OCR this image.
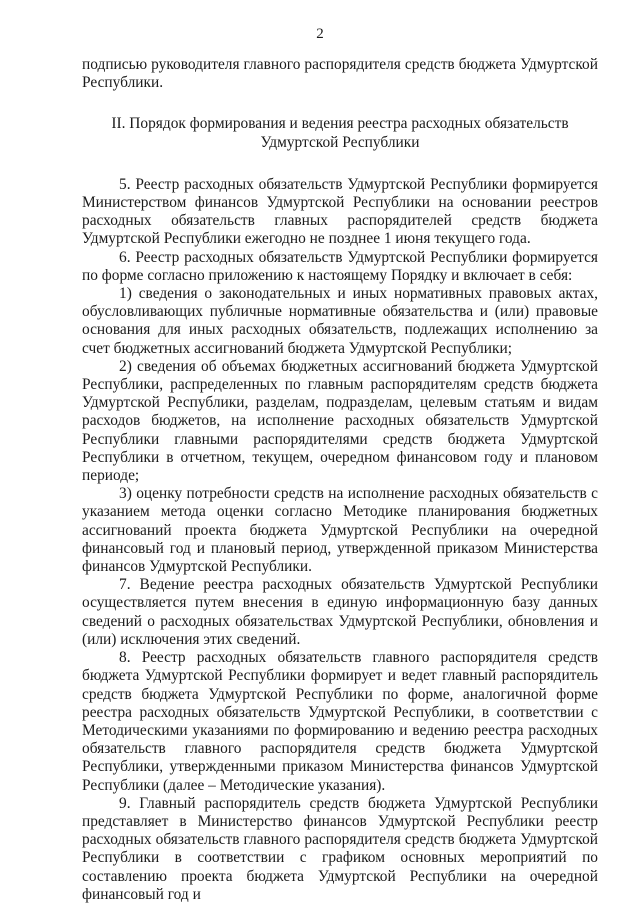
2

подписью руководителя главного распорядителя средств бюджета Удмуртской Республики.

II. Порядок формирования и ведения реестра расходных обязательств
Удмуртской Республики

5. Реестр расходных обязательств Удмуртской Республики формируется Министерством финансов Удмуртской Республики на основании реестров расходных обязательств главных распорядителей средств бюджета Удмуртской Республики ежегодно не позднее 1 июня текущего года.

6. Реестр расходных обязательств Удмуртской Республики формируется по форме согласно приложению к настоящему Порядку и включает в себя:

1) сведения о законодательных и иных нормативных правовых актах, обусловливающих публичные нормативные обязательства и (или) правовые основания для иных расходных обязательств, подлежащих исполнению за счет бюджетных ассигнований бюджета Удмуртской Республики;

2) сведения об объемах бюджетных ассигнований бюджета Удмуртской Республики, распределенных по главным распорядителям средств бюджета Удмуртской Республики, разделам, подразделам, целевым статьям и видам расходов бюджетов, на исполнение расходных обязательств Удмуртской Республики главными распорядителями средств бюджета Удмуртской Республики в отчетном, текущем, очередном финансовом году и плановом периоде;

3) оценку потребности средств на исполнение расходных обязательств с указанием метода оценки согласно Методике планирования бюджетных ассигнований проекта бюджета Удмуртской Республики на очередной финансовый год и плановый период, утвержденной приказом Министерства финансов Удмуртской Республики.

7. Ведение реестра расходных обязательств Удмуртской Республики осуществляется путем внесения в единую информационную базу данных сведений о расходных обязательствах Удмуртской Республики, обновления и (или) исключения этих сведений.

8. Реестр расходных обязательств главного распорядителя средств бюджета Удмуртской Республики формирует и ведет главный распорядитель средств бюджета Удмуртской Республики по форме, аналогичной форме реестра расходных обязательств Удмуртской Республики, в соответствии с Методическими указаниями по формированию и ведению реестра расходных обязательств главного распорядителя средств бюджета Удмуртской Республики, утвержденными приказом Министерства финансов Удмуртской Республики (далее – Методические указания).

9. Главный распорядитель средств бюджета Удмуртской Республики представляет в Министерство финансов Удмуртской Республики реестр расходных обязательств главного распорядителя средств бюджета Удмуртской Республики в соответствии с графиком основных мероприятий по составлению проекта бюджета Удмуртской Республики на очередной финансовый год и
